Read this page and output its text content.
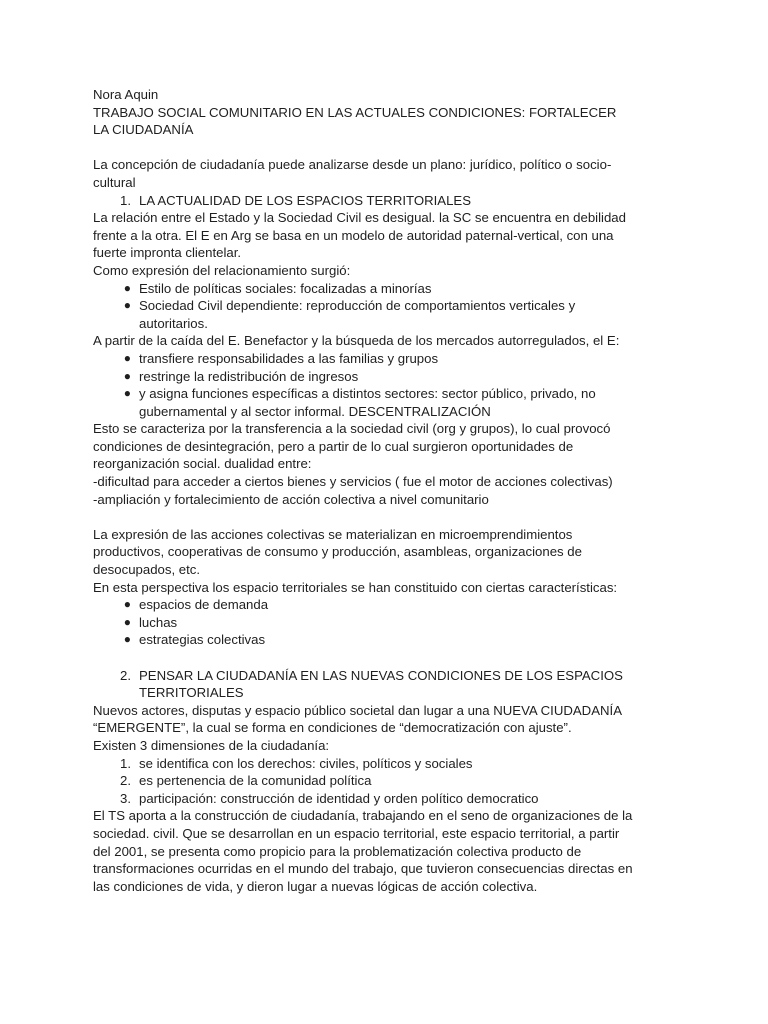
Nora Aquin

TRABAJO SOCIAL COMUNITARIO EN LAS ACTUALES CONDICIONES: FORTALECER

LA CIUDADANÍA

La concepción de ciudadanía puede analizarse desde un plano: jurídico, político o socio-

cultural

1. LA ACTUALIDAD DE LOS ESPACIOS TERRITORIALES

La relación entre el Estado y la Sociedad Civil es desigual. la SC se encuentra en debilidad

frente a la otra. El E en Arg se basa en un modelo de autoridad paternal-vertical, con una

fuerte impronta clientelar.

Como expresión del relacionamiento surgió:

● Estilo de políticas sociales: focalizadas a minorías
● Sociedad Civil dependiente: reproducción de comportamientos verticales y
autoritarios.

A partir de la caída del E. Benefactor y la búsqueda de los mercados autorregulados, el E:

● transfiere responsabilidades a las familias y grupos
● restringe la redistribución de ingresos
● y asigna funciones específicas a distintos sectores: sector público, privado, no
gubernamental y al sector informal. DESCENTRALIZACIÓN

Esto se caracteriza por la transferencia a la sociedad civil (org y grupos), lo cual provocó

condiciones de desintegración, pero a partir de lo cual surgieron oportunidades de

reorganización social. dualidad entre:

-dificultad para acceder a ciertos bienes y servicios ( fue el motor de acciones colectivas)

-ampliación y fortalecimiento de acción colectiva a nivel comunitario

La expresión de las acciones colectivas se materializan en microemprendimientos

productivos, cooperativas de consumo y producción, asambleas, organizaciones de

desocupados, etc.

En esta perspectiva los espacio territoriales se han constituido con ciertas características:

● espacios de demanda
● luchas
● estrategias colectivas
2. PENSAR LA CIUDADANÍA EN LAS NUEVAS CONDICIONES DE LOS ESPACIOS
TERRITORIALES

Nuevos actores, disputas y espacio público societal dan lugar a una NUEVA CIUDADANÍA

“EMERGENTE”, la cual se forma en condiciones de “democratización con ajuste”.

Existen 3 dimensiones de la ciudadanía:

1. se identifica con los derechos: civiles, políticos y sociales
2. es pertenencia de la comunidad política
3. participación: construcción de identidad y orden político democratico

El TS aporta a la construcción de ciudadanía, trabajando en el seno de organizaciones de la

sociedad. civil. Que se desarrollan en un espacio territorial, este espacio territorial, a partir

del 2001, se presenta como propicio para la problematización colectiva producto de

transformaciones ocurridas en el mundo del trabajo, que tuvieron consecuencias directas en

las condiciones de vida, y dieron lugar a nuevas lógicas de acción colectiva.
